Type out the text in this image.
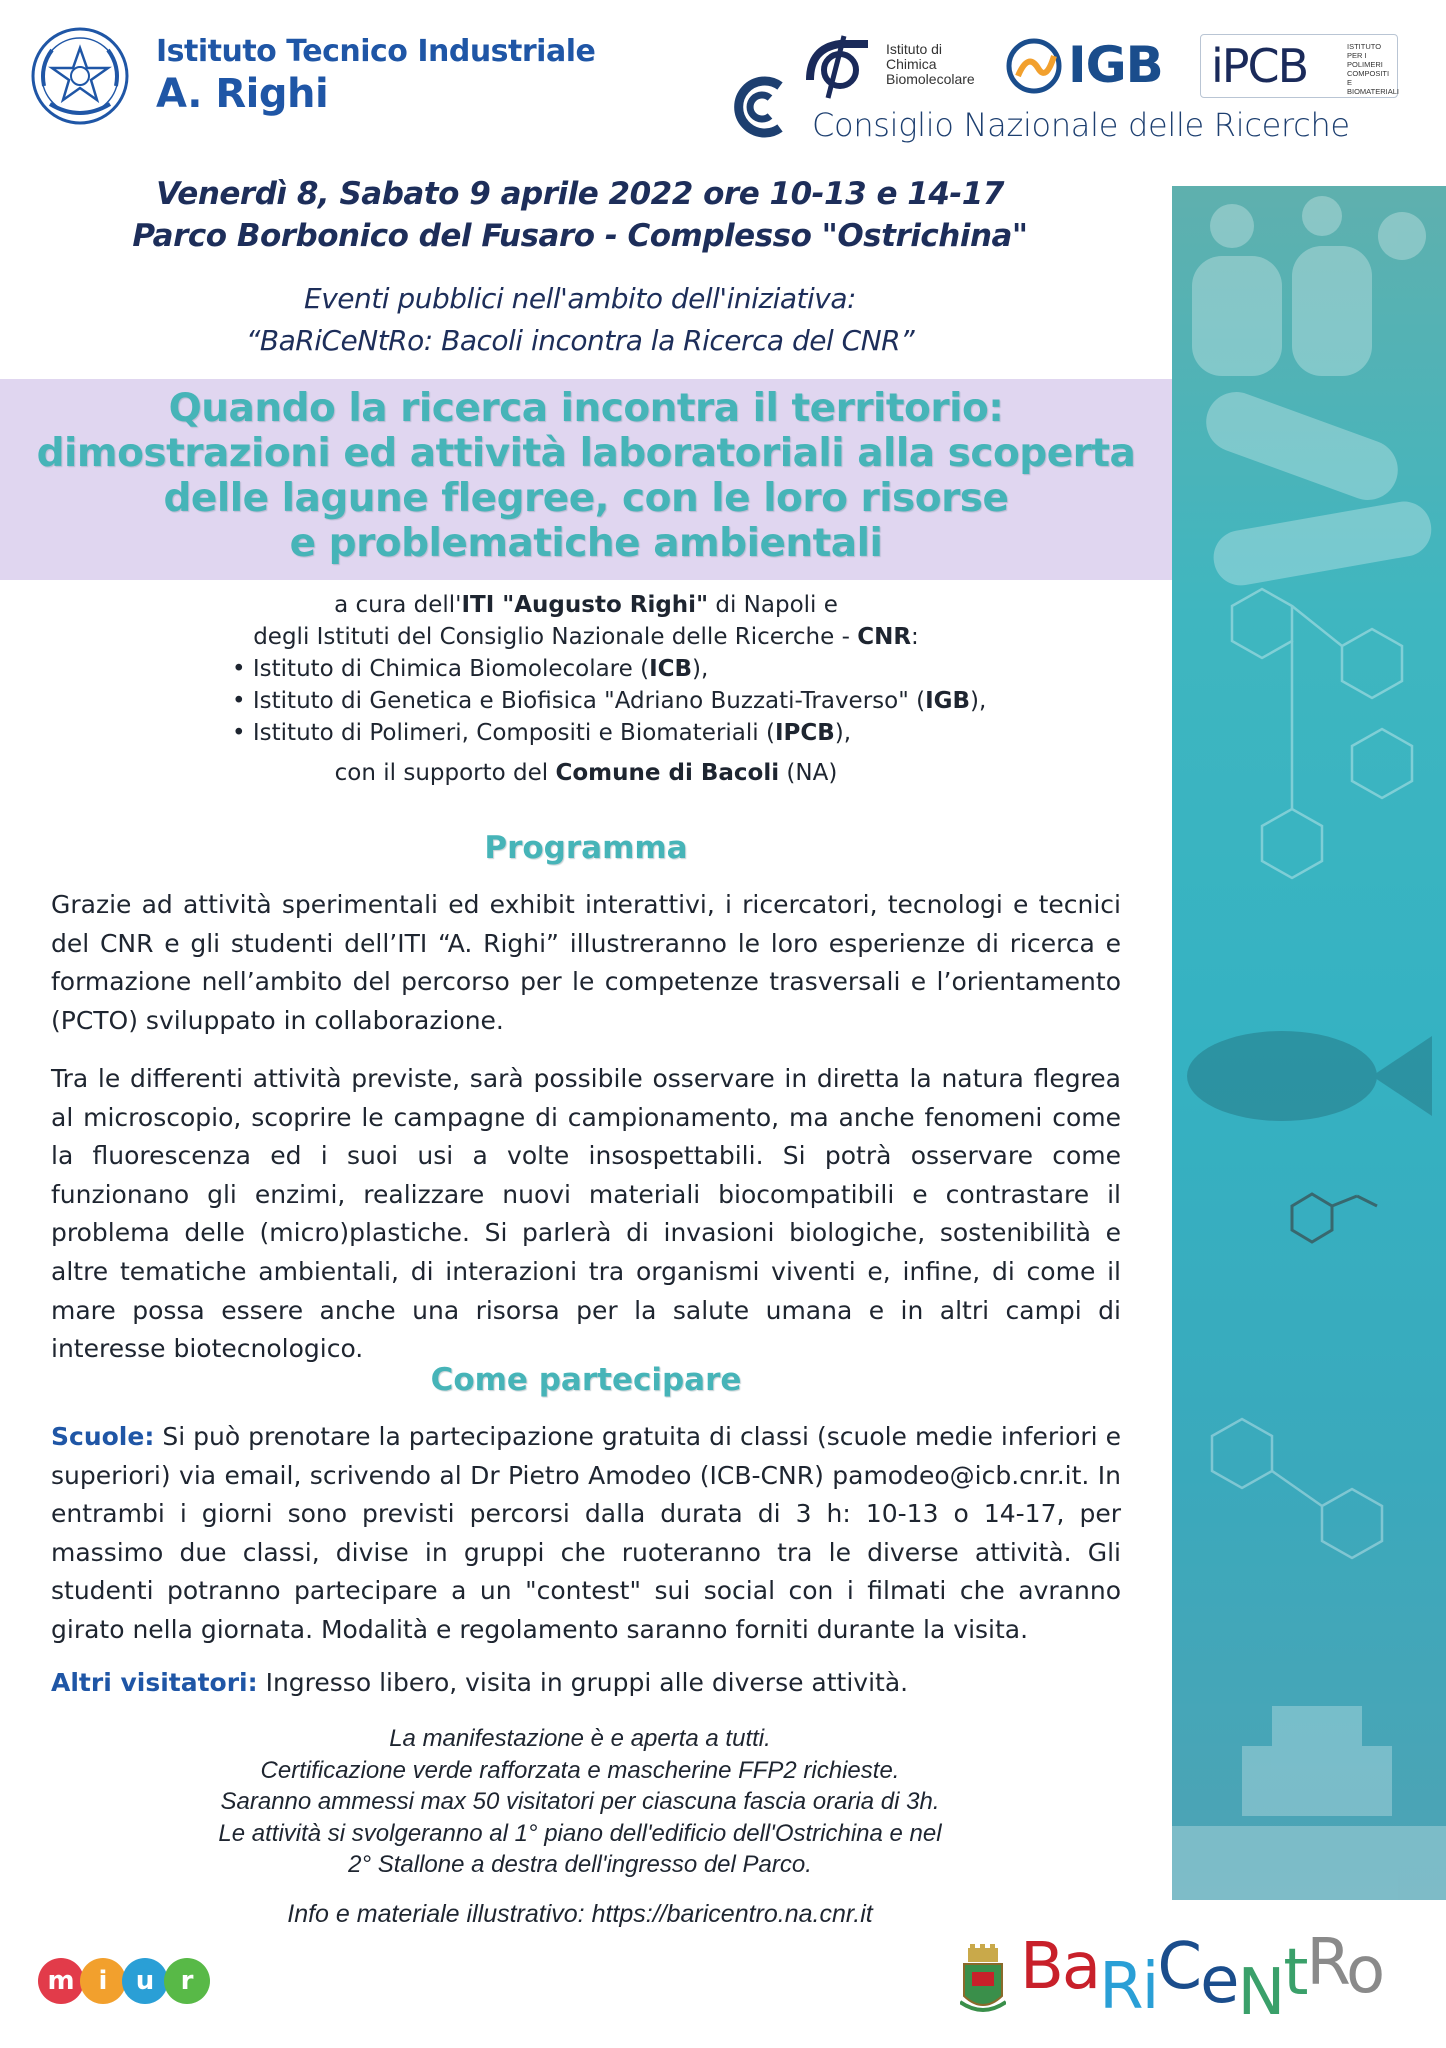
Istituto Tecnico Industriale
A. Righi
Istituto di
Chimica
Biomolecolare IGB iPCB	ISTITUTO PER I
POLIMERI
COMPOSITI E
BIOMATERIALI
Consiglio Nazionale delle Ricerche
Venerdì 8, Sabato 9 aprile 2022 ore 10-13 e 14-17
Parco Borbonico del Fusaro - Complesso "Ostrichina"
Eventi pubblici nell'ambito dell'iniziativa:
“BaRiCeNtRo: Bacoli incontra la Ricerca del CNR”
Quando la ricerca incontra il territorio:
dimostrazioni ed attività laboratoriali alla scoperta
delle lagune flegree, con le loro risorse
e problematiche ambientali
a cura dell'ITI "Augusto Righi" di Napoli e
degli Istituti del Consiglio Nazionale delle Ricerche - CNR:
• Istituto di Chimica Biomolecolare (ICB),
• Istituto di Genetica e Biofisica "Adriano Buzzati-Traverso" (IGB),
• Istituto di Polimeri, Compositi e Biomateriali (IPCB),
con il supporto del Comune di Bacoli (NA)
Programma
Grazie ad attività sperimentali ed exhibit interattivi, i ricercatori, tecnologi e tecnici del CNR e gli studenti dell’ITI “A. Righi” illustreranno le loro esperienze di ricerca e formazione nell’ambito del percorso per le competenze trasversali e l’orientamento (PCTO) sviluppato in collaborazione.
Tra le differenti attività previste, sarà possibile osservare in diretta la natura flegrea al microscopio, scoprire le campagne di campionamento, ma anche fenomeni come la fluorescenza ed i suoi usi a volte insospettabili. Si potrà osservare come funzionano gli enzimi, realizzare nuovi materiali biocompatibili e contrastare il problema delle (micro)plastiche. Si parlerà di invasioni biologiche, sostenibilità e altre tematiche ambientali, di interazioni tra organismi viventi e, infine, di come il mare possa essere anche una risorsa per la salute umana e in altri campi di interesse biotecnologico.
Come partecipare
Scuole: Si può prenotare la partecipazione gratuita di classi (scuole medie inferiori e superiori) via email, scrivendo al Dr Pietro Amodeo (ICB-CNR) pamodeo@icb.cnr.it. In entrambi i giorni sono previsti percorsi dalla durata di 3 h: 10-13 o 14-17, per massimo due classi, divise in gruppi che ruoteranno tra le diverse attività. Gli studenti potranno partecipare a un "contest" sui social con i filmati che avranno girato nella giornata. Modalità e regolamento saranno forniti durante la visita.
Altri visitatori: Ingresso libero, visita in gruppi alle diverse attività.
La manifestazione è e aperta a tutti.
Certificazione verde rafforzata e mascherine FFP2 richieste.
Saranno ammessi max 50 visitatori per ciascuna fascia oraria di 3h.
Le attività si svolgeranno al 1° piano dell'edificio dell'Ostrichina e nel
2° Stallone a destra dell'ingresso del Parco.
Info e materiale illustrativo: https://baricentro.na.cnr.it
m i u r	BaRiCeNtRo
